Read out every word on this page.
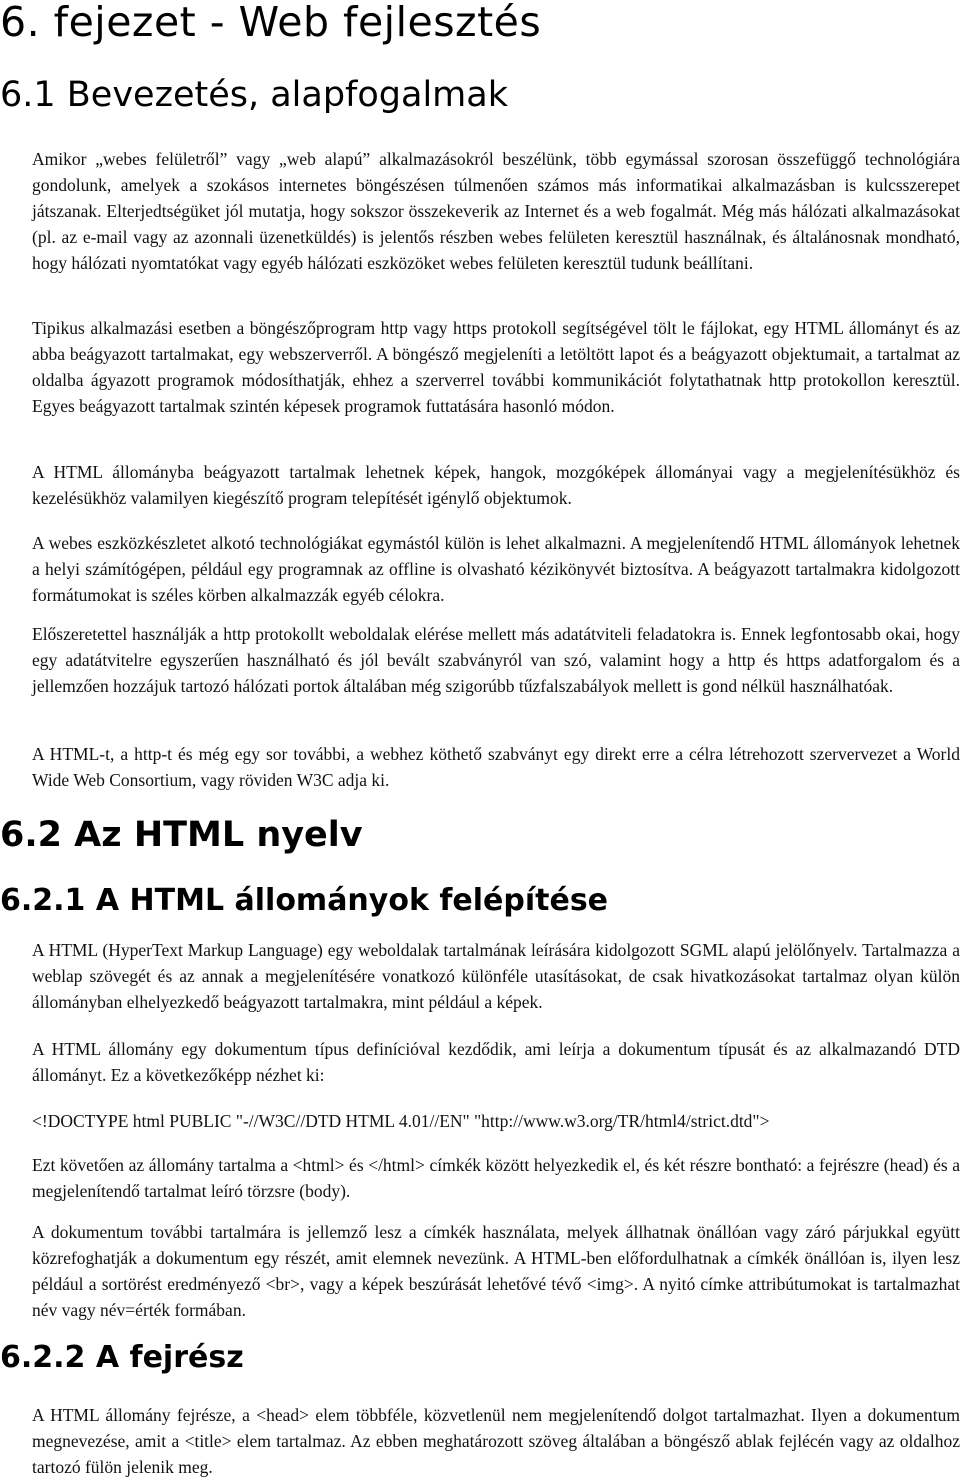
6. fejezet - Web fejlesztés
6.1 Bevezetés, alapfogalmak

Amikor „webes felületről” vagy „web alapú” alkalmazásokról beszélünk, több egymással szorosan összefüggő technológiára gondolunk, amelyek a szokásos internetes böngészésen túlmenően számos más informatikai alkalmazásban is kulcsszerepet játszanak. Elterjedtségüket jól mutatja, hogy sokszor összekeverik az Internet és a web fogalmát. Még más hálózati alkalmazásokat (pl. az e-mail vagy az azonnali üzenetküldés) is jelentős részben webes felületen keresztül használnak, és általánosnak mondható, hogy hálózati nyomtatókat vagy egyéb hálózati eszközöket webes felületen keresztül tudunk beállítani.

Tipikus alkalmazási esetben a böngészőprogram http vagy https protokoll segítségével tölt le fájlokat, egy HTML állományt és az abba beágyazott tartalmakat, egy webszerverről. A böngésző megjeleníti a letöltött lapot és a beágyazott objektumait, a tartalmat az oldalba ágyazott programok módosíthatják, ehhez a szerverrel további kommunikációt folytathatnak http protokollon keresztül. Egyes beágyazott tartalmak szintén képesek programok futtatására hasonló módon.

A HTML állományba beágyazott tartalmak lehetnek képek, hangok, mozgóképek állományai vagy a megjelenítésükhöz és kezelésükhöz valamilyen kiegészítő program telepítését igénylő objektumok.

A webes eszközkészletet alkotó technológiákat egymástól külön is lehet alkalmazni. A megjelenítendő HTML állományok lehetnek a helyi számítógépen, például egy programnak az offline is olvasható kézikönyvét biztosítva. A beágyazott tartalmakra kidolgozott formátumokat is széles körben alkalmazzák egyéb célokra.

Előszeretettel használják a http protokollt weboldalak elérése mellett más adatátviteli feladatokra is. Ennek legfontosabb okai, hogy egy adatátvitelre egyszerűen használható és jól bevált szabványról van szó, valamint hogy a http és https adatforgalom és a jellemzően hozzájuk tartozó hálózati portok általában még szigorúbb tűzfalszabályok mellett is gond nélkül használhatóak.

A HTML-t, a http-t és még egy sor további, a webhez köthető szabványt egy direkt erre a célra létrehozott szervervezet a World Wide Web Consortium, vagy röviden W3C adja ki.

6.2 Az HTML nyelv
6.2.1 A HTML állományok felépítése

A HTML (HyperText Markup Language) egy weboldalak tartalmának leírására kidolgozott SGML alapú jelölőnyelv. Tartalmazza a weblap szövegét és az annak a megjelenítésére vonatkozó különféle utasításokat, de csak hivatkozásokat tartalmaz olyan külön állományban elhelyezkedő beágyazott tartalmakra, mint például a képek.

A HTML állomány egy dokumentum típus definícióval kezdődik, ami leírja a dokumentum típusát és az alkalmazandó DTD állományt. Ez a következőképp nézhet ki:

<!DOCTYPE html PUBLIC "-//W3C//DTD HTML 4.01//EN" "http://www.w3.org/TR/html4/strict.dtd">

Ezt követően az állomány tartalma a <html> és </html> címkék között helyezkedik el, és két részre bontható: a fejrészre (head) és a megjelenítendő tartalmat leíró törzsre (body).

A dokumentum további tartalmára is jellemző lesz a címkék használata, melyek állhatnak önállóan vagy záró párjukkal együtt közrefoghatják a dokumentum egy részét, amit elemnek nevezünk. A HTML-ben előfordulhatnak a címkék önállóan is, ilyen lesz például a sortörést eredményező <br>, vagy a képek beszúrását lehetővé tévő <img>. A nyitó címke attribútumokat is tartalmazhat név vagy név=érték formában.

6.2.2 A fejrész

A HTML állomány fejrésze, a <head> elem többféle, közvetlenül nem megjelenítendő dolgot tartalmazhat. Ilyen a dokumentum megnevezése, amit a <title> elem tartalmaz. Az ebben meghatározott szöveg általában a böngésző ablak fejlécén vagy az oldalhoz tartozó fülön jelenik meg.
